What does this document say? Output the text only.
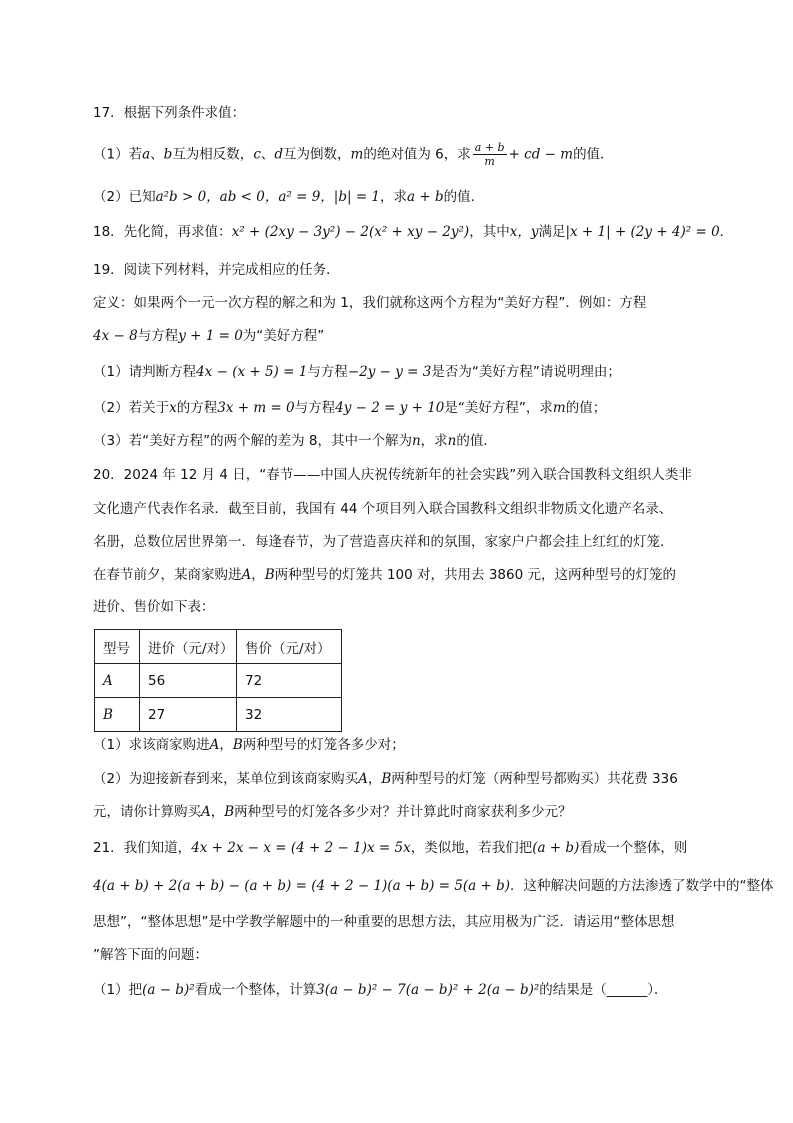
17．根据下列条件求值：
（1）若a、b互为相反数，c、d互为倒数，m的绝对值为 6，求 $\frac{a + b}{m}$ + cd − m的值．
（2）已知a²b > 0，ab < 0，a² = 9，|b| = 1，求a + b的值．
18．先化简，再求值：x² + (2xy − 3y²) − 2(x² + xy − 2y²)，其中x，y满足|x + 1| + (2y + 4)² = 0．
19．阅读下列材料，并完成相应的任务．
定义：如果两个一元一次方程的解之和为 1，我们就称这两个方程为“美好方程”．例如：方程
4x − 8与方程y + 1 = 0为“美好方程”
（1）请判断方程4x − (x + 5) = 1与方程−2y − y = 3是否为“美好方程”请说明理由；
（2）若关于x的方程3x + m = 0与方程4y − 2 = y + 10是“美好方程”，求m的值；
（3）若“美好方程”的两个解的差为 8，其中一个解为n，求n的值．
20．2024 年 12 月 4 日，“春节——中国人庆祝传统新年的社会实践”列入联合国教科文组织人类非
文化遗产代表作名录．截至目前，我国有 44 个项目列入联合国教科文组织非物质文化遗产名录、
名册，总数位居世界第一．每逢春节，为了营造喜庆祥和的氛围，家家户户都会挂上红红的灯笼．
在春节前夕，某商家购进A，B两种型号的灯笼共 100 对，共用去 3860 元，这两种型号的灯笼的
进价、售价如下表：
型号	进价（元/对）	售价（元/对）
A	56	72
B	27	32
（1）求该商家购进A，B两种型号的灯笼各多少对；
（2）为迎接新春到来，某单位到该商家购买A，B两种型号的灯笼（两种型号都购买）共花费 336
元，请你计算购买A，B两种型号的灯笼各多少对？并计算此时商家获利多少元？
21．我们知道，4x + 2x − x = (4 + 2 − 1)x = 5x，类似地，若我们把(a + b)看成一个整体，则
4(a + b) + 2(a + b) − (a + b) = (4 + 2 − 1)(a + b) = 5(a + b)．这种解决问题的方法渗透了数学中的“整体
思想”，“整体思想”是中学教学解题中的一种重要的思想方法，其应用极为广泛．请运用“整体思想
”解答下面的问题：
（1）把(a − b)²看成一个整体，计算3(a − b)² − 7(a − b)² + 2(a − b)²的结果是（______）．
